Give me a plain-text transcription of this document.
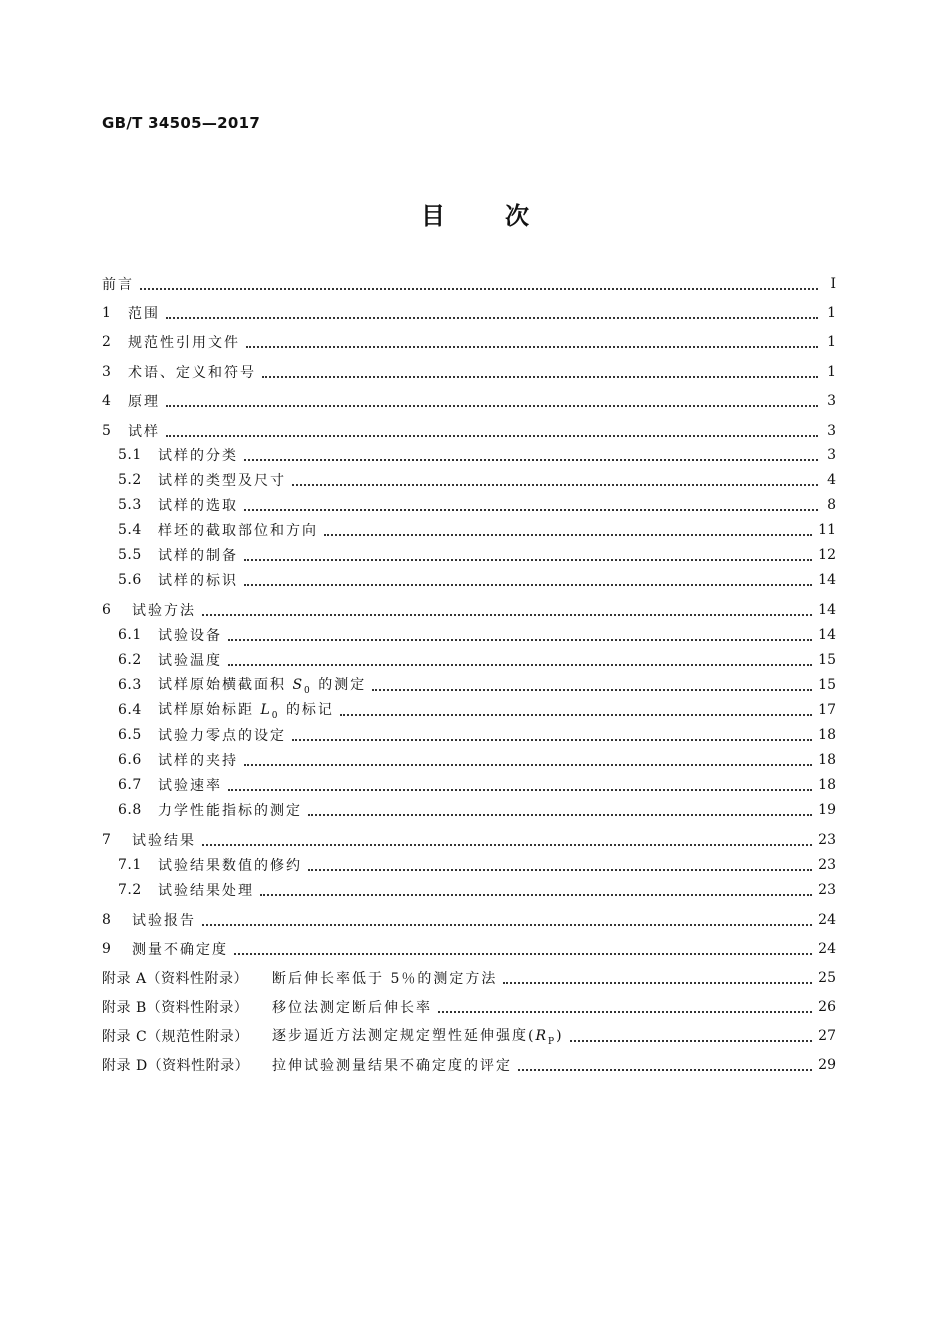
GB/T 34505—2017
目	次
前言	Ⅰ
1	范围	1
2	规范性引用文件	1
3	术语、定义和符号	1
4	原理	3
5	试样	3
5.1	试样的分类	3
5.2	试样的类型及尺寸	4
5.3	试样的选取	8
5.4	样坯的截取部位和方向	11
5.5	试样的制备	12
5.6	试样的标识	14
6	试验方法	14
6.1	试验设备	14
6.2	试验温度	15
6.3	试样原始横截面积 $S_0$ 的测定	15
6.4	试样原始标距 $L_0$ 的标记	17
6.5	试验力零点的设定	18
6.6	试样的夹持	18
6.7	试验速率	18
6.8	力学性能指标的测定	19
7	试验结果	23
7.1	试验结果数值的修约	23
7.2	试验结果处理	23
8	试验报告	24
9	测量不确定度	24
附录 A（资料性附录）	断后伸长率低于 5％的测定方法	25
附录 B（资料性附录）	移位法测定断后伸长率	26
附录 C（规范性附录）	逐步逼近方法测定规定塑性延伸强度$(R_P)$	27
附录 D（资料性附录）	拉伸试验测量结果不确定度的评定	29
